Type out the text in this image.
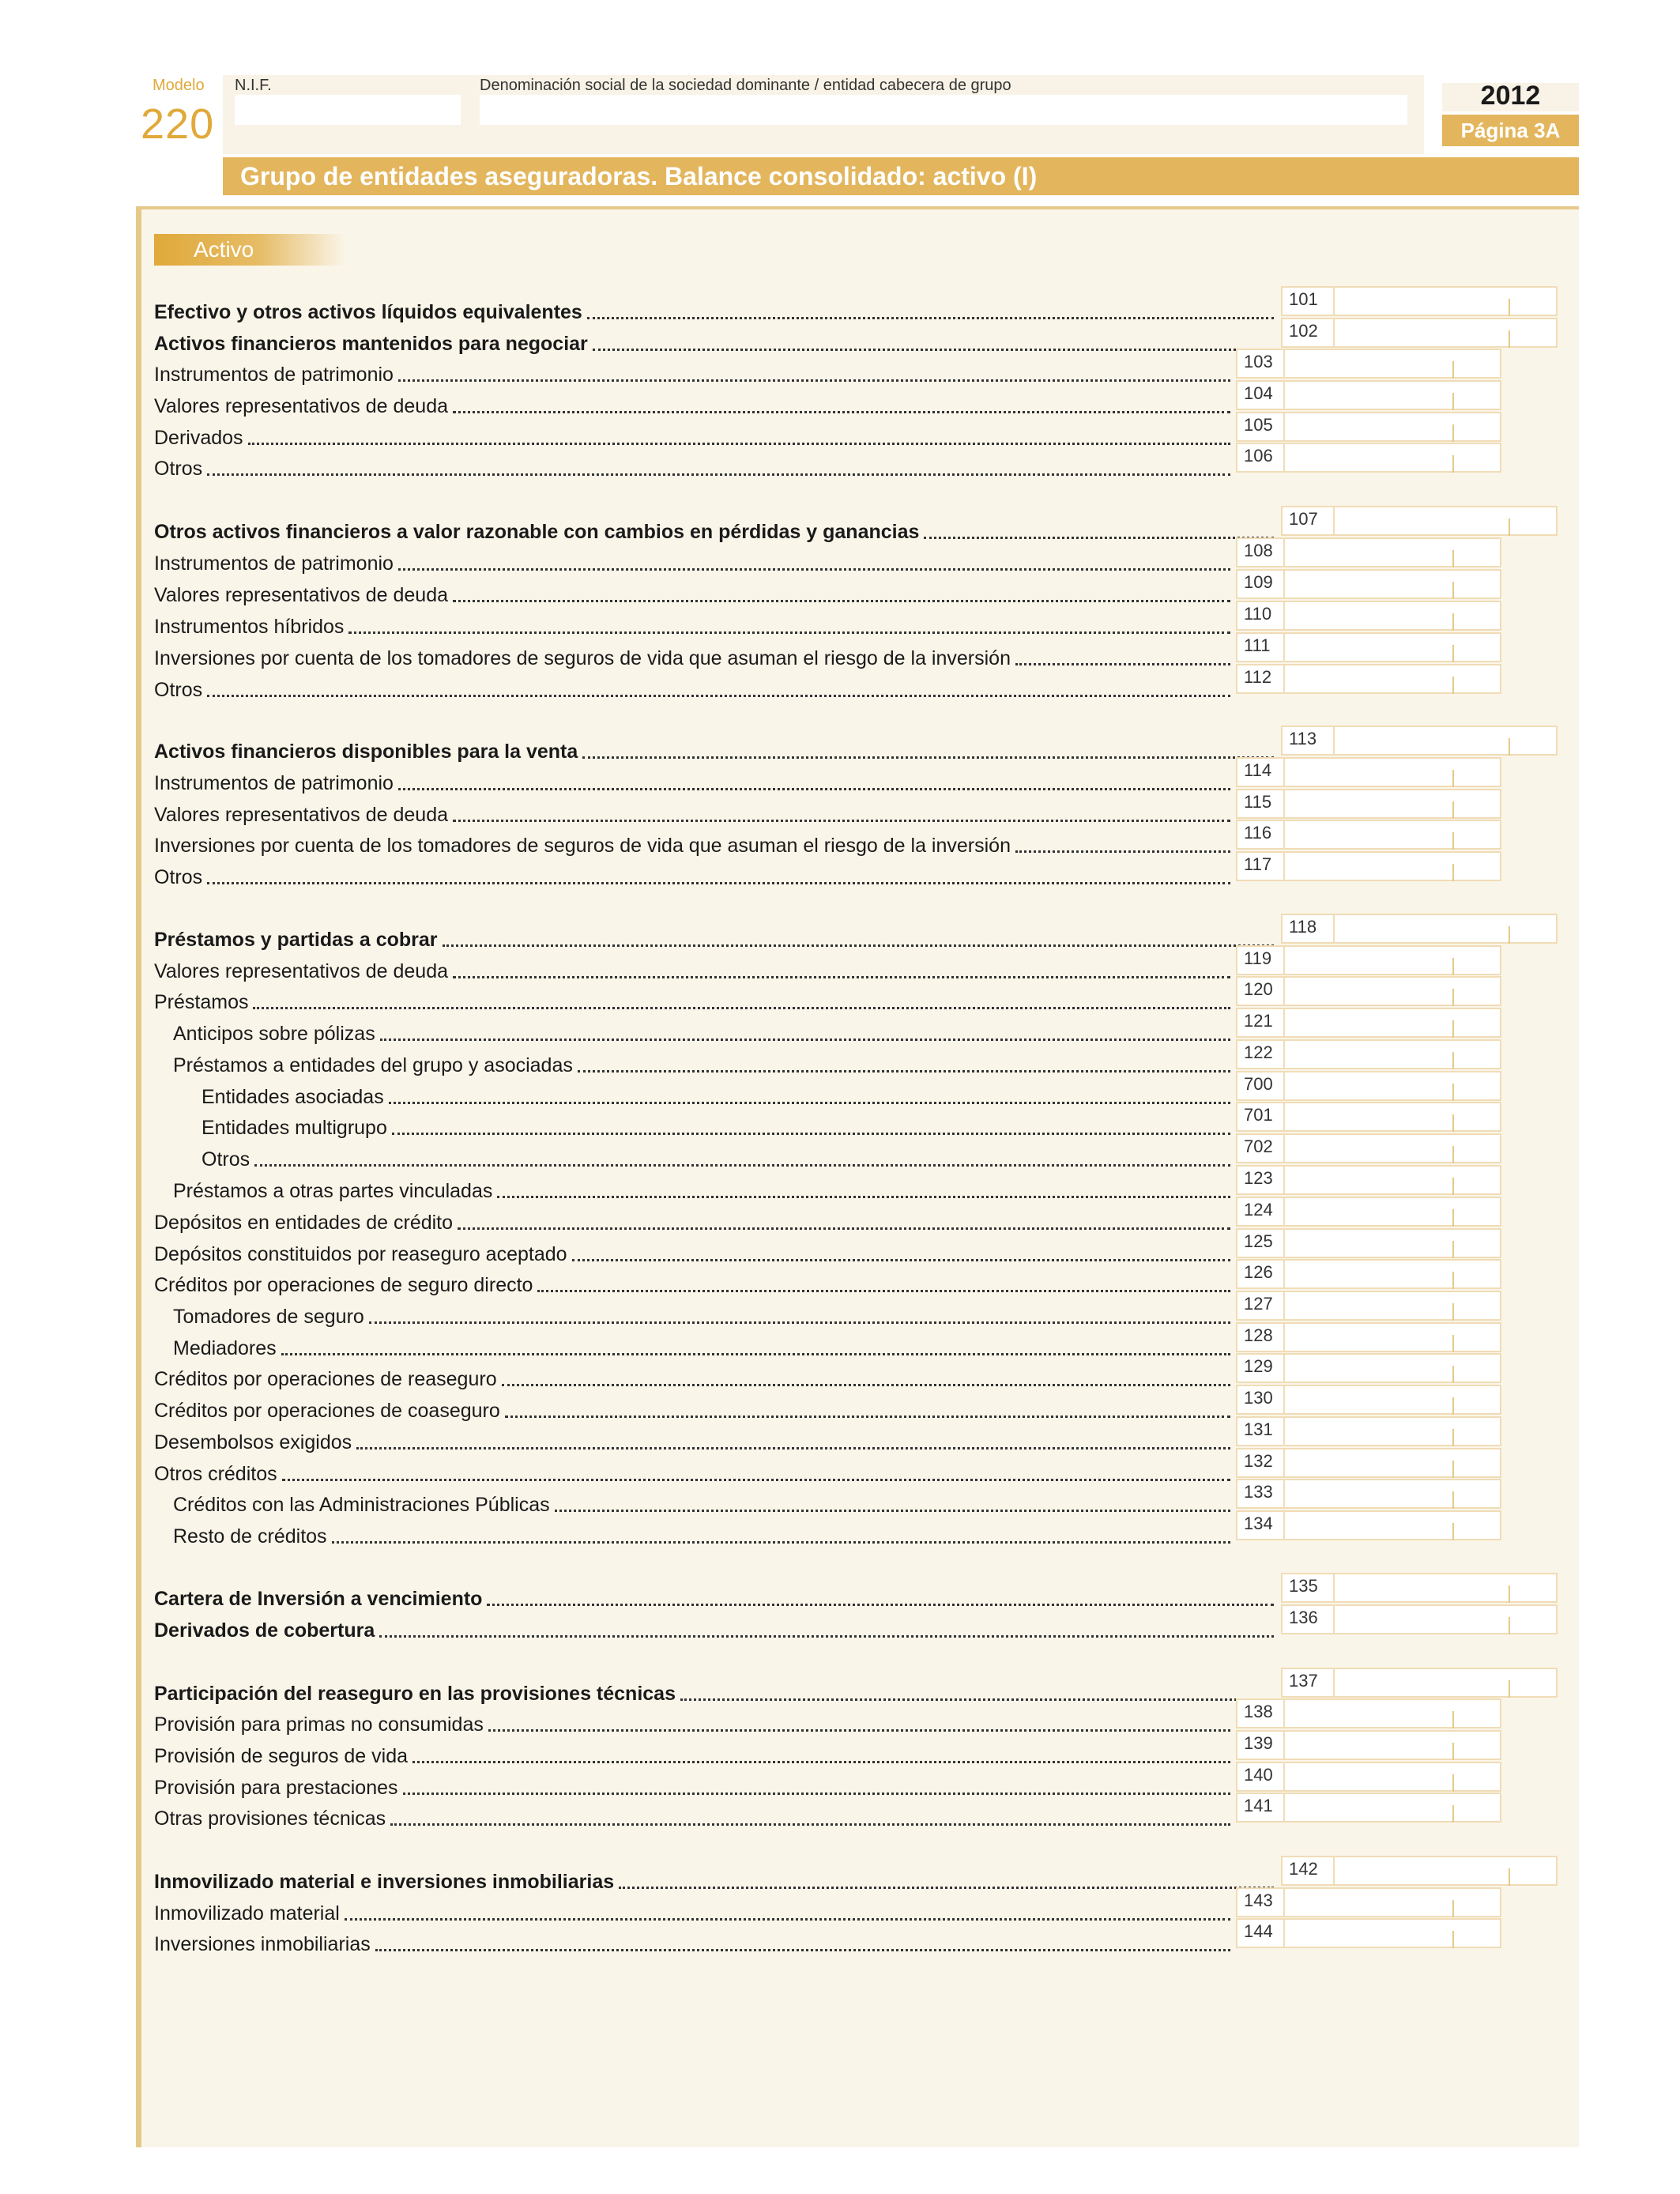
Modelo
220
N.I.F.	Denominación social de la sociedad dominante / entidad cabecera de grupo	2012
Página 3A
Grupo de entidades aseguradoras. Balance consolidado: activo (I)
Activo
Efectivo y otros activos líquidos equivalentes
101
Activos financieros mantenidos para negociar
102
Instrumentos de patrimonio
103
Valores representativos de deuda
104
Derivados
105
Otros
106
Otros activos financieros a valor razonable con cambios en pérdidas y ganancias
107
Instrumentos de patrimonio
108
Valores representativos de deuda
109
Instrumentos híbridos
110
Inversiones por cuenta de los tomadores de seguros de vida que asuman el riesgo de la inversión
111
Otros
112
Activos financieros disponibles para la venta
113
Instrumentos de patrimonio
114
Valores representativos de deuda
115
Inversiones por cuenta de los tomadores de seguros de vida que asuman el riesgo de la inversión
116
Otros
117
Préstamos y partidas a cobrar
118
Valores representativos de deuda
119
Préstamos
120
Anticipos sobre pólizas
121
Préstamos a entidades del grupo y asociadas
122
Entidades asociadas
700
Entidades multigrupo
701
Otros
702
Préstamos a otras partes vinculadas
123
Depósitos en entidades de crédito
124
Depósitos constituidos por reaseguro aceptado
125
Créditos por operaciones de seguro directo
126
Tomadores de seguro
127
Mediadores
128
Créditos por operaciones de reaseguro
129
Créditos por operaciones de coaseguro
130
Desembolsos exigidos
131
Otros créditos
132
Créditos con las Administraciones Públicas
133
Resto de créditos
134
Cartera de Inversión a vencimiento
135
Derivados de cobertura
136
Participación del reaseguro en las provisiones técnicas
137
Provisión para primas no consumidas
138
Provisión de seguros de vida
139
Provisión para prestaciones
140
Otras provisiones técnicas
141
Inmovilizado material e inversiones inmobiliarias
142
Inmovilizado material
143
Inversiones inmobiliarias
144
